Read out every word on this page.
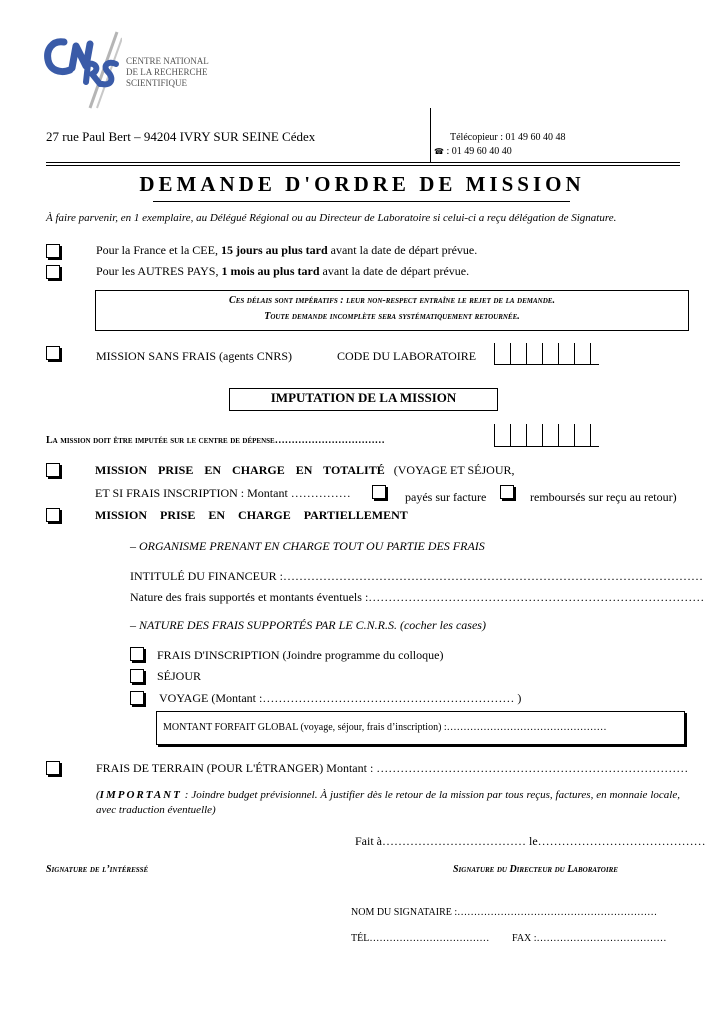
CENTRE NATIONAL
DE LA RECHERCHE
SCIENTIFIQUE
27 rue Paul Bert – 94204 IVRY SUR SEINE Cédex	Télécopieur : 01 49 60 40 48
☎ : 01 49 60 40 40
DEMANDE D'ORDRE DE MISSION
À faire parvenir, en 1 exemplaire, au Délégué Régional ou au Directeur de Laboratoire si celui-ci a reçu délégation de Signature.
Pour la France et la CEE, 15 jours au plus tard avant la date de départ prévue.
Pour les AUTRES PAYS, 1 mois au plus tard avant la date de départ prévue.
Ces délais sont impératifs : leur non-respect entraîne le rejet de la demande.
Toute demande incomplète sera systématiquement retournée.
MISSION SANS FRAIS (agents CNRS)	CODE DU LABORATOIRE
IMPUTATION DE LA MISSION
La mission doit être imputée sur le centre de dépense……………………………
MISSION PRISE EN CHARGE EN TOTALITÉ (VOYAGE ET SÉJOUR,
ET SI FRAIS INSCRIPTION : Montant ……………	payés sur facture	remboursés sur reçu au retour)
MISSION PRISE EN CHARGE PARTIELLEMENT
– ORGANISME PRENANT EN CHARGE TOUT OU PARTIE DES FRAIS
INTITULÉ DU FINANCEUR :……………………………………………………………………………………………
Nature des frais supportés et montants éventuels :…………………………………………………………………………
– NATURE DES FRAIS SUPPORTÉS PAR LE C.N.R.S. (cocher les cases)
FRAIS D'INSCRIPTION (Joindre programme du colloque)
SÉJOUR
VOYAGE (Montant :……………………………………………………… )
MONTANT FORFAIT GLOBAL (voyage, séjour, frais d’inscription) :…………………………………………
FRAIS DE TERRAIN (POUR L'ÉTRANGER) Montant : ……………………………………………………………………
(IMPORTANT : Joindre budget prévisionnel. À justifier dès le retour de la mission par tous reçus, factures, en monnaie locale, avec traduction éventuelle)
Fait à……………………………… le……………………………………
Signature de l’intéressé	Signature du Directeur du Laboratoire
NOM DU SIGNATAIRE :……………………………………………………
TÉL……………………………… FAX :…………………………………
